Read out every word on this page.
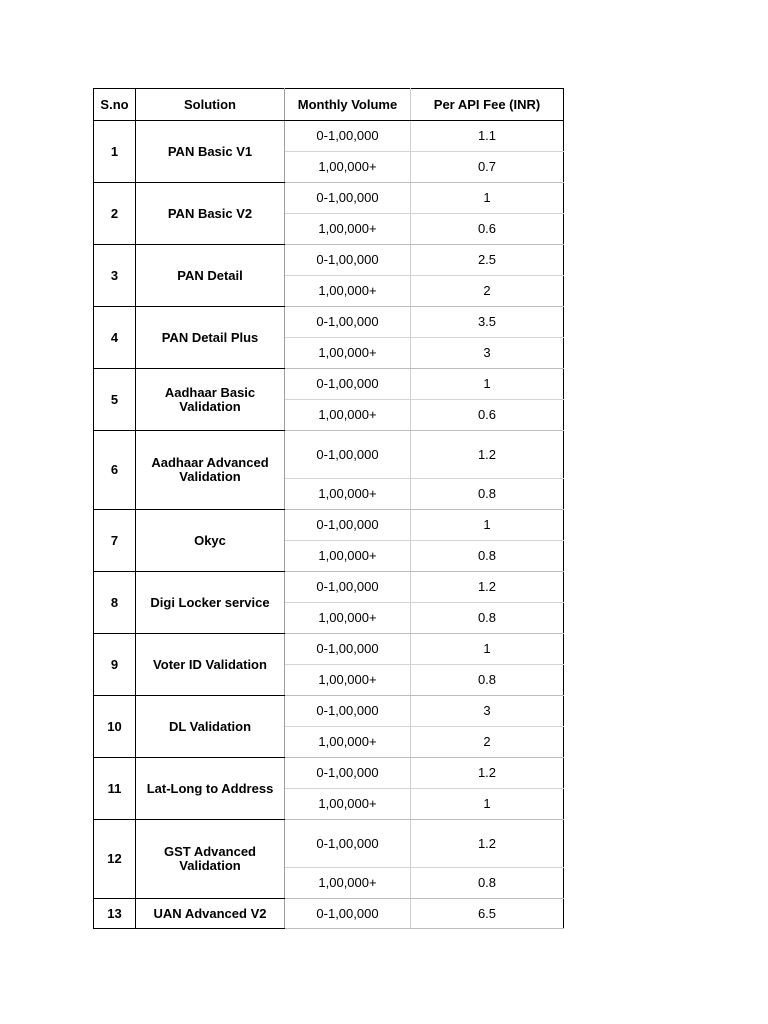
S.no	Solution	Monthly Volume	Per API Fee (INR)
1	PAN Basic V1	0-1,00,000	1.1
		1,00,000+	0.7
2	PAN Basic V2	0-1,00,000	1
		1,00,000+	0.6
3	PAN Detail	0-1,00,000	2.5
		1,00,000+	2
4	PAN Detail Plus	0-1,00,000	3.5
		1,00,000+	3
5	Aadhaar Basic Validation	0-1,00,000	1
		1,00,000+	0.6
6	Aadhaar Advanced Validation	0-1,00,000	1.2
		1,00,000+	0.8
7	Okyc	0-1,00,000	1
		1,00,000+	0.8
8	Digi Locker service	0-1,00,000	1.2
		1,00,000+	0.8
9	Voter ID Validation	0-1,00,000	1
		1,00,000+	0.8
10	DL Validation	0-1,00,000	3
		1,00,000+	2
11	Lat-Long to Address	0-1,00,000	1.2
		1,00,000+	1
12	GST Advanced Validation	0-1,00,000	1.2
		1,00,000+	0.8
13	UAN Advanced V2	0-1,00,000	6.5
